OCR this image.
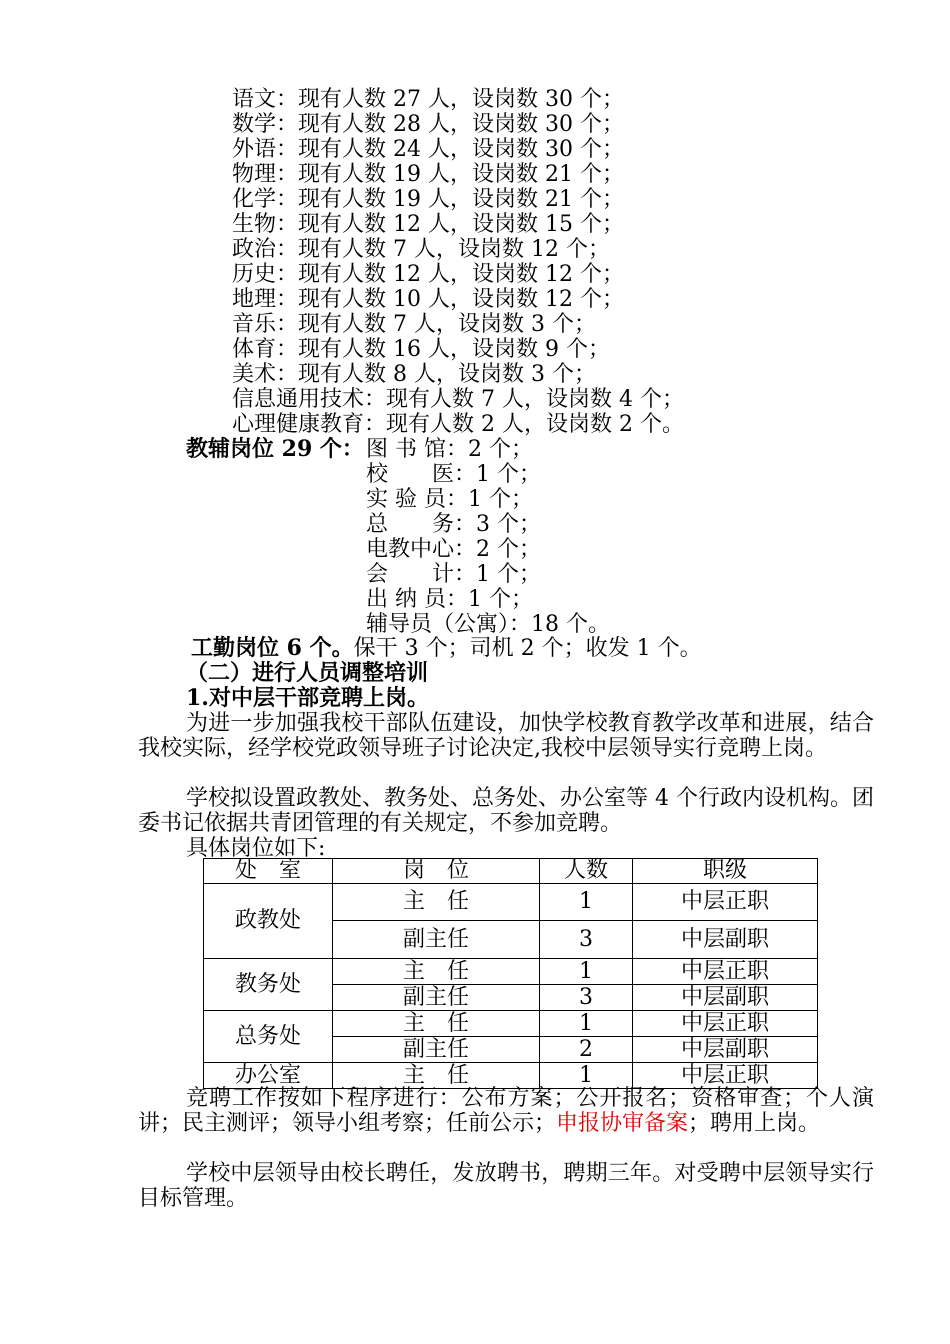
语文：现有人数 27 人，设岗数 30 个；
数学：现有人数 28 人，设岗数 30 个；
外语：现有人数 24 人，设岗数 30 个；
物理：现有人数 19 人，设岗数 21 个；
化学：现有人数 19 人，设岗数 21 个；
生物：现有人数 12 人，设岗数 15 个；
政治：现有人数 7 人，设岗数 12 个；
历史：现有人数 12 人，设岗数 12 个；
地理：现有人数 10 人，设岗数 12 个；
音乐：现有人数 7 人，设岗数 3 个；
体育：现有人数 16 人，设岗数 9 个；
美术：现有人数 8 人，设岗数 3 个；
信息通用技术：现有人数 7 人，设岗数 4 个；
心理健康教育：现有人数 2 人，设岗数 2 个。
教辅岗位 29 个： 图 书 馆：2 个；
校　　医：1 个；
实 验 员：1 个；
总　　务：3 个；
电教中心：2 个；
会　　计：1 个；
出 纳 员：1 个；
辅导员（公寓）：18 个。
工勤岗位 6 个。保干 3 个；司机 2 个；收发 1 个。
（二）进行人员调整培训
1.对中层干部竞聘上岗。
为进一步加强我校干部队伍建设，加快学校教育教学改革和进展，结合我校实际，经学校党政领导班子讨论决定,我校中层领导实行竞聘上岗。
学校拟设置政教处、教务处、总务处、办公室等 4 个行政内设机构。团委书记依据共青团管理的有关规定，不参加竞聘。
具体岗位如下:
处　室	岗　位	人数	职级
政教处	主　任	1	中层正职
	副主任	3	中层副职
教务处	主　任	1	中层正职
	副主任	3	中层副职
总务处	主　任	1	中层正职
	副主任	2	中层副职
办公室	主　任	1	中层正职
竞聘工作按如下程序进行：公布方案；公开报名；资格审查；个人演讲；民主测评；领导小组考察；任前公示；申报协审备案；聘用上岗。
学校中层领导由校长聘任，发放聘书，聘期三年。对受聘中层领导实行目标管理。
